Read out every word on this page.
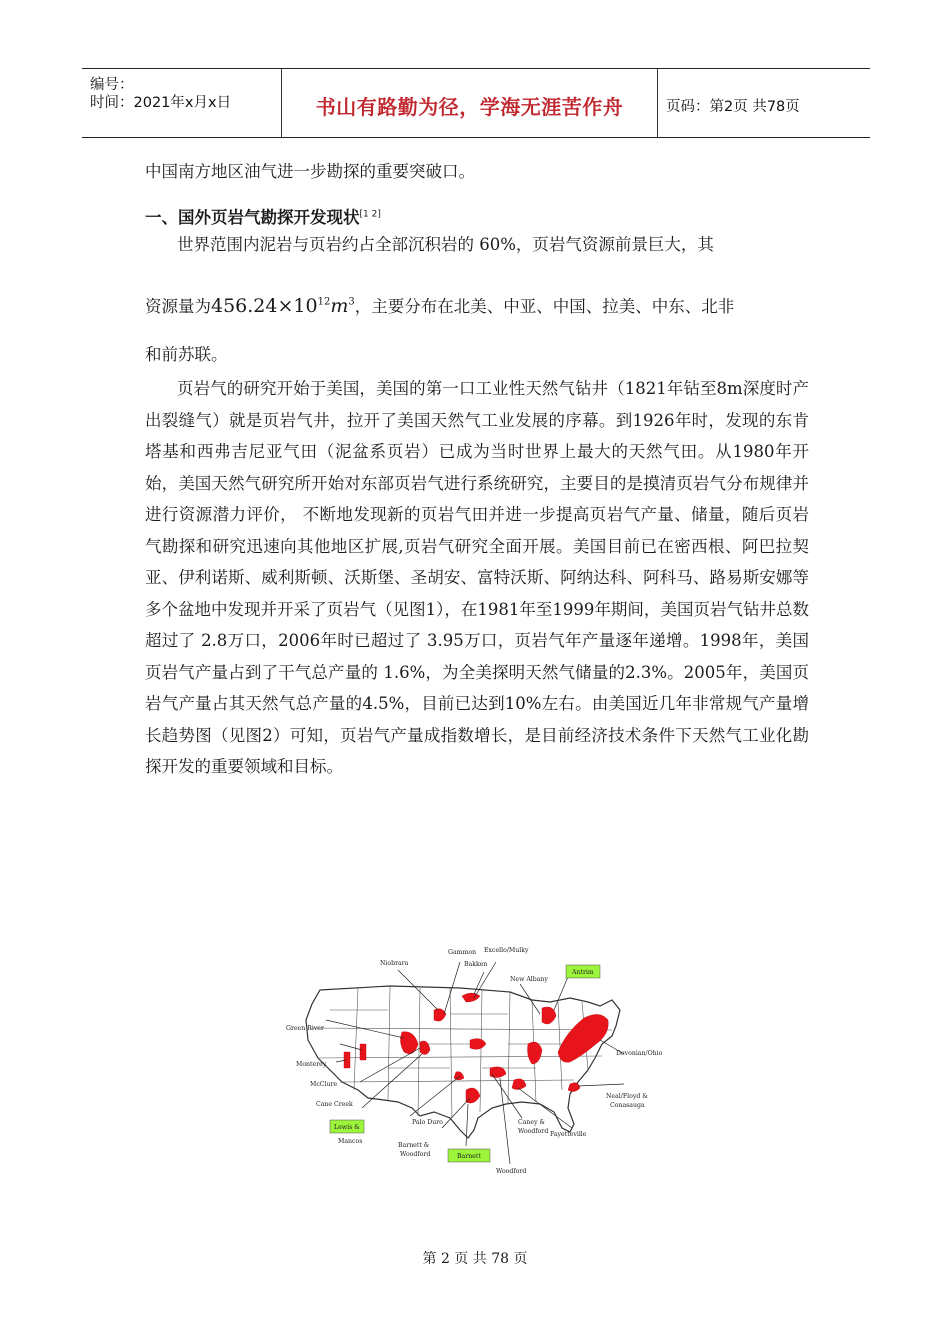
编号：
时间：2021年x月x日	书山有路勤为径，学海无涯苦作舟	页码：第2页 共78页

中国南方地区油气进一步勘探的重要突破口。

一、国外页岩气勘探开发现状[1 2]

世界范围内泥岩与页岩约占全部沉积岩的 60%，页岩气资源前景巨大，其

资源量为$456.24\times 10^{12}m^3$，主要分布在北美、中亚、中国、拉美、中东、北非

和前苏联。

页岩气的研究开始于美国，美国的第一口工业性天然气钻井（1821年钻至8m深度时产出裂缝气）就是页岩气井，拉开了美国天然气工业发展的序幕。到1926年时，发现的东肯塔基和西弗吉尼亚气田（泥盆系页岩）已成为当时世界上最大的天然气田。从1980年开始，美国天然气研究所开始对东部页岩气进行系统研究，主要目的是摸清页岩气分布规律并进行资源潜力评价， 不断地发现新的页岩气田并进一步提高页岩气产量、储量，随后页岩气勘探和研究迅速向其他地区扩展,页岩气研究全面开展。美国目前已在密西根、阿巴拉契亚、伊利诺斯、威利斯顿、沃斯堡、圣胡安、富特沃斯、阿纳达科、阿科马、路易斯安娜等多个盆地中发现并开采了页岩气（见图1），在1981年至1999年期间，美国页岩气钻井总数超过了 2.8万口，2006年时已超过了 3.95万口，页岩气年产量逐年递增。1998年，美国页岩气产量占到了干气总产量的 1.6%，为全美探明天然气储量的2.3%。2005年，美国页岩气产量占其天然气总产量的4.5%，目前已达到10%左右。由美国近几年非常规气产量增长趋势图（见图2）可知，页岩气产量成指数增长，是目前经济技术条件下天然气工业化勘探开发的重要领域和目标。

Niobrara
Gammon Excello/Mulky
Bakken
New Albany
Antrim
Green River
Monterey
McClure
Devonian/Ohio
Cane Creek
Neal/Floyd &
Conasauga
Lewis &
Mancos
Palo Duro
Barnett &
Woodford	Barnett
Caney &
Woodford Fayetteville
Woodford
第 2 页 共 78 页
